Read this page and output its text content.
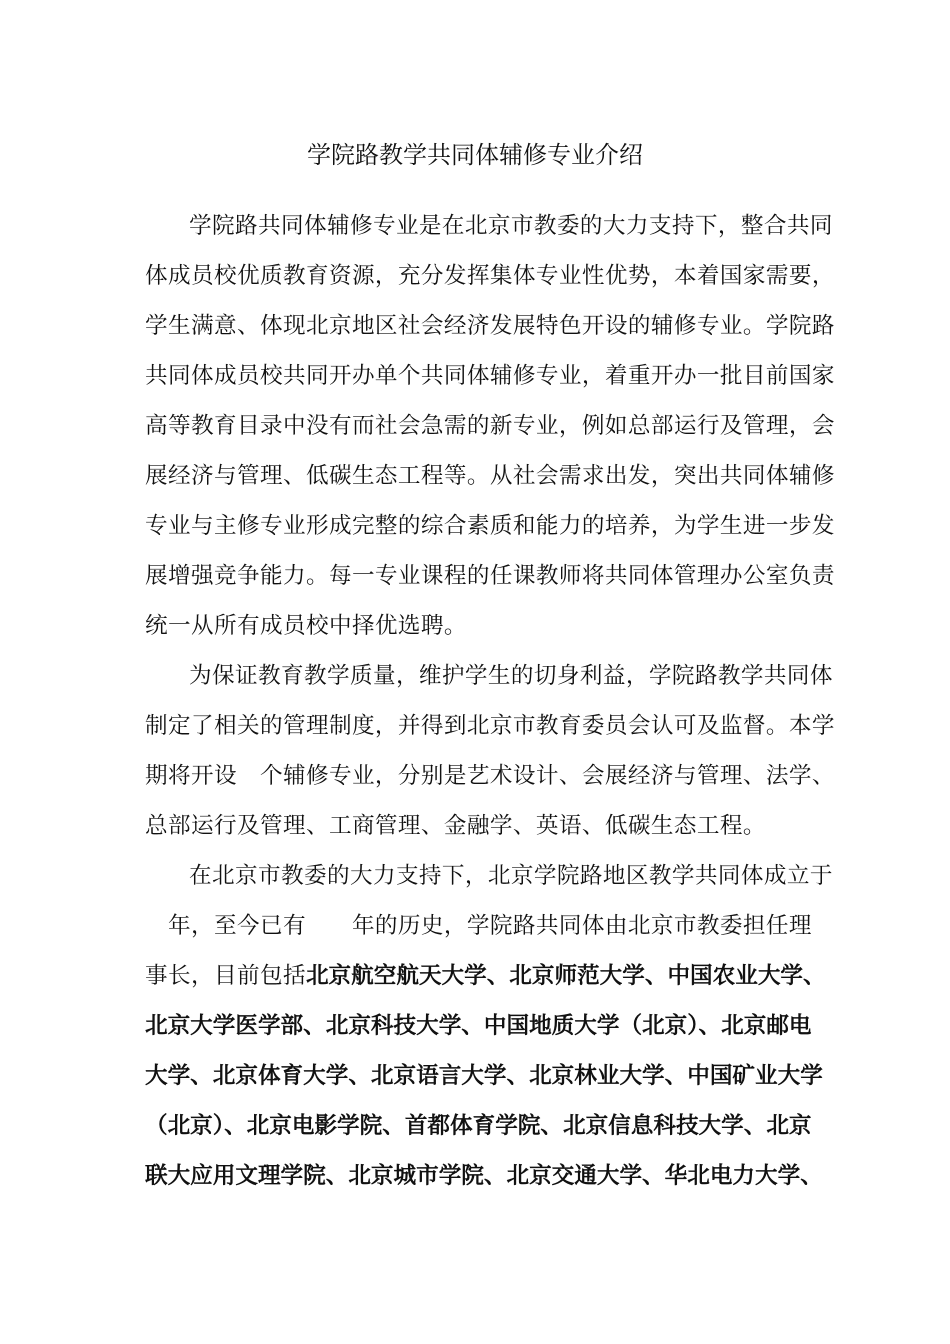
学院路教学共同体辅修专业介绍
学院路共同体辅修专业是在北京市教委的大力支持下，整合共同
体成员校优质教育资源，充分发挥集体专业性优势，本着国家需要，
学生满意、体现北京地区社会经济发展特色开设的辅修专业。学院路
共同体成员校共同开办单个共同体辅修专业，着重开办一批目前国家
高等教育目录中没有而社会急需的新专业，例如总部运行及管理，会
展经济与管理、低碳生态工程等。从社会需求出发，突出共同体辅修
专业与主修专业形成完整的综合素质和能力的培养，为学生进一步发
展增强竞争能力。每一专业课程的任课教师将共同体管理办公室负责
统一从所有成员校中择优选聘。
为保证教育教学质量，维护学生的切身利益，学院路教学共同体
制定了相关的管理制度，并得到北京市教育委员会认可及监督。本学
期将开设　个辅修专业，分别是艺术设计、会展经济与管理、法学、
总部运行及管理、工商管理、金融学、英语、低碳生态工程。
在北京市教委的大力支持下，北京学院路地区教学共同体成立于
　年，至今已有　　年的历史，学院路共同体由北京市教委担任理
事长，目前包括北京航空航天大学、北京师范大学、中国农业大学、
北京大学医学部、北京科技大学、中国地质大学（北京）、北京邮电
大学、北京体育大学、北京语言大学、北京林业大学、中国矿业大学
（北京）、北京电影学院、首都体育学院、北京信息科技大学、北京
联大应用文理学院、北京城市学院、北京交通大学、华北电力大学、
